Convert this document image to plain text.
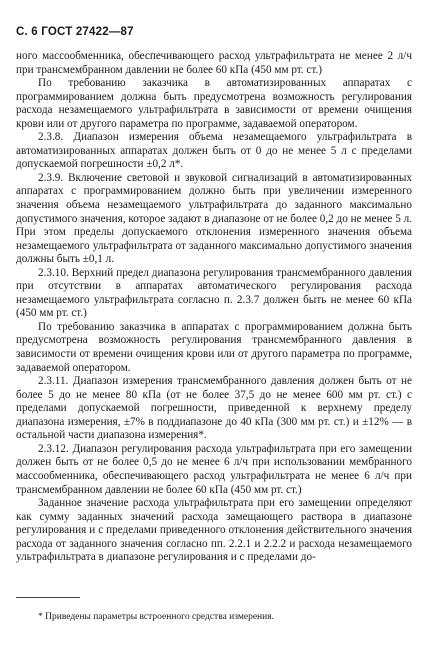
С. 6 ГОСТ 27422—87

ного массообменника, обеспечивающего расход ультрафильтрата не менее 2 л/ч при трансмембранном давлении не более 60 кПа (450 мм рт. ст.)

По требованию заказчика в автоматизированных аппаратах с программированием должна быть предусмотрена возможность регулирования расхода незамещаемого ультрафильтрата в зависимости от времени очищения крови или от другого параметра по программе, задаваемой оператором.

2.3.8. Диапазон измерения объема незамещаемого ультрафильтрата в автоматизированных аппаратах должен быть от 0 до не менее 5 л с пределами допускаемой погрешности ±0,2 л*.

2.3.9. Включение световой и звуковой сигнализаций в автоматизированных аппаратах с программированием должно быть при увеличении измеренного значения объема незамещаемого ультрафильтрата до заданного максимально допустимого значения, которое задают в диапазоне от не более 0,2 до не менее 5 л. При этом пределы допускаемого отклонения измеренного значения объема незамещаемого ультрафильтрата от заданного максимально допустимого значения должны быть ±0,1 л.

2.3.10. Верхний предел диапазона регулирования трансмембранного давления при отсутствии в аппаратах автоматического регулирования расхода незамещаемого ультрафильтрата согласно п. 2.3.7 должен быть не менее 60 кПа (450 мм рт. ст.)

По требованию заказчика в аппаратах с программированием должна быть предусмотрена возможность регулирования трансмембранного давления в зависимости от времени очищения крови или от другого параметра по программе, задаваемой оператором.

2.3.11. Диапазон измерения трансмембранного давления должен быть от не более 5 до не менее 80 кПа (от не более 37,5 до не менее 600 мм рт. ст.) с пределами допускаемой погрешности, приведенной к верхнему пределу диапазона измерения, ±7% в поддиапазоне до 40 кПа (300 мм рт. ст.) и ±12% — в остальной части диапазона измерения*.

2.3.12. Диапазон регулирования расхода ультрафильтрата при его замещении должен быть от не более 0,5 до не менее 6 л/ч при использовании мембранного массообменника, обеспечивающего расход ультрафильтрата не менее 6 л/ч при трансмембранном давлении не более 60 кПа (450 мм рт. ст.)

Заданное значение расхода ультрафильтрата при его замещении определяют как сумму заданных значений расхода замещающего раствора в диапазоне регулирования и с пределами приведенного отклонения действительного значения расхода от заданного значения согласно пп. 2.2.1 и 2.2.2 и расхода незамещаемого ультрафильтрата в диапазоне регулирования и с пределами до-

* Приведены параметры встроенного средства измерения.
